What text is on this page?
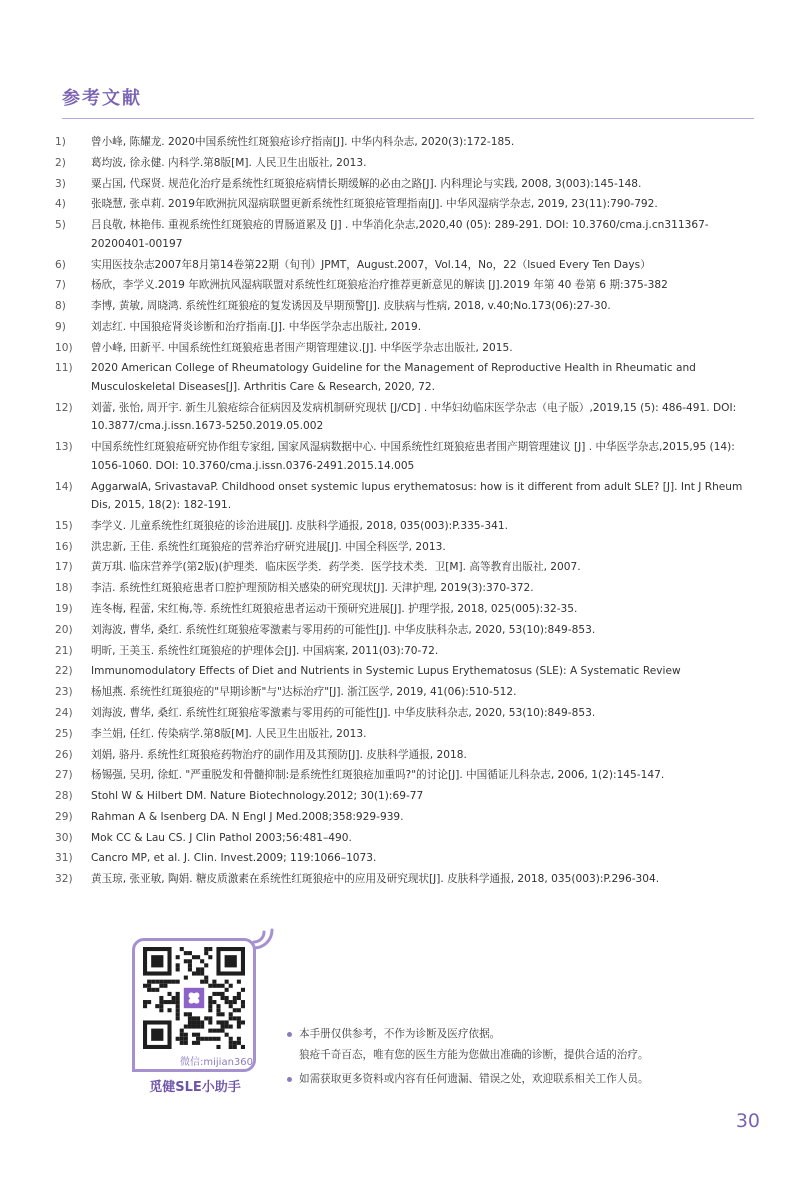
参考文献
1)	曾小峰, 陈耀龙. 2020中国系统性红斑狼疮诊疗指南[J]. 中华内科杂志, 2020(3):172-185.
2)	葛均波, 徐永健. 内科学.第8版[M]. 人民卫生出版社, 2013.
3)	粟占国, 代琛贤. 规范化治疗是系统性红斑狼疮病情长期缓解的必由之路[J]. 内科理论与实践, 2008, 3(003):145-148.
4)	张晓慧, 张卓莉. 2019年欧洲抗风湿病联盟更新系统性红斑狼疮管理指南[J]. 中华风湿病学杂志, 2019, 23(11):790-792.
5)	吕良敬, 林艳伟. 重视系统性红斑狼疮的胃肠道累及 [J] . 中华消化杂志,2020,40 (05): 289-291. DOI: 10.3760/cma.j.cn311367-20200401-00197
6)	实用医技杂志2007年8月第14卷第22期（旬刊）JPMT，August.2007，Vol.14，No，22（lsued Every Ten Days）
7)	杨欣，李学义.2019 年欧洲抗风湿病联盟对系统性红斑狼疮治疗推荐更新意见的解读 [J].2019 年第 40 卷第 6 期:375-382
8)	李博, 黄敏, 周晓鸿. 系统性红斑狼疮的复发诱因及早期预警[J]. 皮肤病与性病, 2018, v.40;No.173(06):27-30.
9)	刘志红. 中国狼疮肾炎诊断和治疗指南.[J]. 中华医学杂志出版社, 2019.
10)	曾小峰, 田新平. 中国系统性红斑狼疮患者围产期管理建议.[J]. 中华医学杂志出版社, 2015.
11)	2020 American College of Rheumatology Guideline for the Management of Reproductive Health in Rheumatic and Musculoskeletal Diseases[J]. Arthritis Care & Research, 2020, 72.
12)	刘蕾, 张怡, 周开宇. 新生儿狼疮综合征病因及发病机制研究现状 [J/CD] . 中华妇幼临床医学杂志（电子版）,2019,15 (5): 486-491. DOI: 10.3877/cma.j.issn.1673-5250.2019.05.002
13)	中国系统性红斑狼疮研究协作组专家组, 国家风湿病数据中心. 中国系统性红斑狼疮患者围产期管理建议 [J] . 中华医学杂志,2015,95 (14): 1056-1060. DOI: 10.3760/cma.j.issn.0376-2491.2015.14.005
14)	AggarwalA, SrivastavaP. Childhood onset systemic lupus erythematosus: how is it different from adult SLE? [J]. Int J Rheum Dis, 2015, 18(2): 182-191.
15)	李学义. 儿童系统性红斑狼疮的诊治进展[J]. 皮肤科学通报, 2018, 035(003):P.335-341.
16)	洪忠新, 王佳. 系统性红斑狼疮的营养治疗研究进展[J]. 中国全科医学, 2013.
17)	黄万琪. 临床营养学(第2版)(护理类．临床医学类．药学类．医学技术类．卫[M]. 高等教育出版社, 2007.
18)	李洁. 系统性红斑狼疮患者口腔护理预防相关感染的研究现状[J]. 天津护理, 2019(3):370-372.
19)	连冬梅, 程蕾, 宋红梅,等. 系统性红斑狼疮患者运动干预研究进展[J]. 护理学报, 2018, 025(005):32-35.
20)	刘海波, 曹华, 桑红. 系统性红斑狼疮零激素与零用药的可能性[J]. 中华皮肤科杂志, 2020, 53(10):849-853.
21)	明昕, 王美玉. 系统性红斑狼疮的护理体会[J]. 中国病案, 2011(03):70-72.
22)	Immunomodulatory Effects of Diet and Nutrients in Systemic Lupus Erythematosus (SLE): A Systematic Review
23)	杨旭燕. 系统性红斑狼疮的"早期诊断"与"达标治疗"[J]. 浙江医学, 2019, 41(06):510-512.
24)	刘海波, 曹华, 桑红. 系统性红斑狼疮零激素与零用药的可能性[J]. 中华皮肤科杂志, 2020, 53(10):849-853.
25)	李兰娟, 任红. 传染病学.第8版[M]. 人民卫生出版社, 2013.
26)	刘娟, 骆丹. 系统性红斑狼疮药物治疗的副作用及其预防[J]. 皮肤科学通报, 2018.
27)	杨锡强, 吴玥, 徐虹. "严重脱发和骨髓抑制:是系统性红斑狼疮加重吗?"的讨论[J]. 中国循证儿科杂志, 2006, 1(2):145-147.
28)	Stohl W & Hilbert DM. Nature Biotechnology.2012; 30(1):69-77
29)	Rahman A & Isenberg DA. N Engl J Med.2008;358:929-939.
30)	Mok CC & Lau CS. J Clin Pathol 2003;56:481–490.
31)	Cancro MP, et al. J. Clin. Invest.2009; 119:1066–1073.
32)	黄玉琼, 张亚敏, 陶娟. 糖皮质激素在系统性红斑狼疮中的应用及研究现状[J]. 皮肤科学通报, 2018, 035(003):P.296-304.
微信:mijian360
觅健SLE小助手
本手册仅供参考，不作为诊断及医疗依据。
狼疮千奇百态，唯有您的医生方能为您做出准确的诊断，提供合适的治疗。
如需获取更多资料或内容有任何遗漏、错误之处，欢迎联系相关工作人员。
30
